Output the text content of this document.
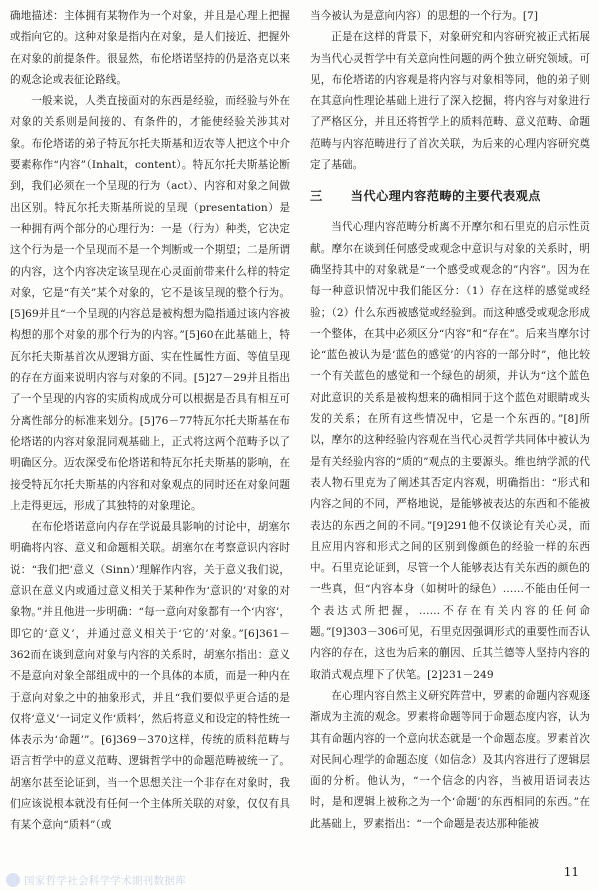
确地描述：主体拥有某物作为一个对象，并且是心理上把握或指向它的。这种对象是指内在对象，是人们接近、把握外在对象的前提条件。很显然，布伦塔诺坚持的仍是洛克以来的观念论或表征论路线。

一般来说，人类直接面对的东西是经验，而经验与外在对象的关系则是间接的、有条件的，才能使经验关涉其对象。布伦塔诺的弟子特瓦尔托夫斯基和迈农等人把这个中介要素称作“内容”（Inhalt，content）。特瓦尔托夫斯基论断到，我们必须在一个呈现的行为（act）、内容和对象之间做出区别。特瓦尔托夫斯基所说的呈现（presentation）是一种拥有两个部分的心理行为：一是（行为）种类，它决定这个行为是一个呈现而不是一个判断或一个期望；二是所谓的内容，这个内容决定该呈现在心灵面前带来什么样的特定对象，它是“有关”某个对象的，它不是该呈现的整个行为。[5]69并且“一个呈现的内容总是被构想为隐指通过该内容被构想的那个对象的那个行为的内容。”[5]60在此基础上，特瓦尔托夫斯基首次从逻辑方面、实在性属性方面、等值呈现的存在方面来说明内容与对象的不同。[5]27－29并且指出了一个呈现的内容的实质构成成分可以根据是否具有相互可分离性部分的标准来划分。[5]76－77特瓦尔托夫斯基在布伦塔诺的内容对象混同观基础上，正式将这两个范畴予以了明确区分。迈农深受布伦塔诺和特瓦尔托夫斯基的影响，在接受特瓦尔托夫斯基的内容和对象观点的同时还在对象问题上走得更远，形成了其独特的对象理论。

在布伦塔诺意向内存在学说最具影响的讨论中，胡塞尔明确将内容、意义和命题相关联。胡塞尔在考察意识内容时说：“我们把‘意义（Sinn）’理解作内容，关于意义我们说，意识在意义内或通过意义相关于某种作为‘意识的’对象的对象物。”并且他进一步明确：“每一意向对象都有一个‘内容’，即它的‘意义’，并通过意义相关于‘它的’对象。”[6]361－362而在谈到意向对象与内容的关系时，胡塞尔指出：意义不是意向对象全部组成中的一个具体的本质，而是一种内在于意向对象之中的抽象形式，并且“我们要似乎更合适的是仅将‘意义’一词定义作‘质料’，然后将意义和设定的特性统一体表示为‘命题’”。[6]369－370这样，传统的质料范畴与语言哲学中的意义范畴、逻辑哲学中的命题范畴被统一了。胡塞尔甚至论证到，当一个思想关注一个非存在对象时，我们应该说根本就没有任何一个主体所关联的对象，仅仅有具有某个意向“质料”（或

当今被认为是意向内容）的思想的一个行为。[7]

正是在这样的背景下，对象研究和内容研究被正式拓展为当代心灵哲学中有关意向性问题的两个独立研究领域。可见，布伦塔诺的内容观是将内容与对象相等同，他的弟子则在其意向性理论基础上进行了深入挖掘，将内容与对象进行了严格区分，并且还将哲学上的质料范畴、意义范畴、命题范畴与内容范畴进行了首次关联，为后来的心理内容研究奠定了基础。

三 当代心理内容范畴的主要代表观点

当代心理内容范畴分析离不开摩尔和石里克的启示性贡献。摩尔在谈到任何感受或观念中意识与对象的关系时，明确坚持其中的对象就是“一个感受或观念的”内容”。因为在每一种意识情况中我们能区分：（1）存在这样的感觉或经验；（2）什么东西被感觉或经验到。而这种感受或观念形成一个整体，在其中必须区分“内容”和“存在”。后来当摩尔讨论“蓝色被认为是‘蓝色的感觉’的内容的一部分时”，他比较一个有关蓝色的感觉和一个绿色的胡须，并认为“这个蓝色对此意识的关系是被构想来的确相同于这个蓝色对眼睛或头发的关系；在所有这些情况中，它是一个东西的。”[8]所以，摩尔的这种经验内容观在当代心灵哲学共同体中被认为是有关经验内容的“质的”观点的主要源头。维也纳学派的代表人物石里克为了阐述其否定内容观，明确指出：“形式和内容之间的不同，严格地说，是能够被表达的东西和不能被表达的东西之间的不同。”[9]291他不仅谈论有关心灵，而且应用内容和形式之间的区别到像颜色的经验一样的东西中。石里克论证到，尽管一个人能够表达有关东西的颜色的一些真，但“内容本身（如树叶的绿色）……不能由任何一个表达式所把握，……不存在有关内容的任何命题。”[9]303－306可见，石里克因强调形式的重要性而否认内容的存在，这也为后来的蒯因、丘其兰德等人坚持内容的取消式观点埋下了伏笔。[2]231－249

在心理内容自然主义研究阵营中，罗素的命题内容观逐渐成为主流的观念。罗素将命题等同于命题态度内容，认为其有命题内容的一个意向状态就是一个命题态度。罗素首次对民间心理学的命题态度（如信念）及其内容进行了逻辑层面的分析。他认为，“一个信念的内容，当被用语词表达时，是和逻辑上被称之为一个‘命题’的东西相同的东西。”在此基础上，罗素指出：“一个命题是表达那种能被

11
国家哲学社会科学学术期刊数据库
